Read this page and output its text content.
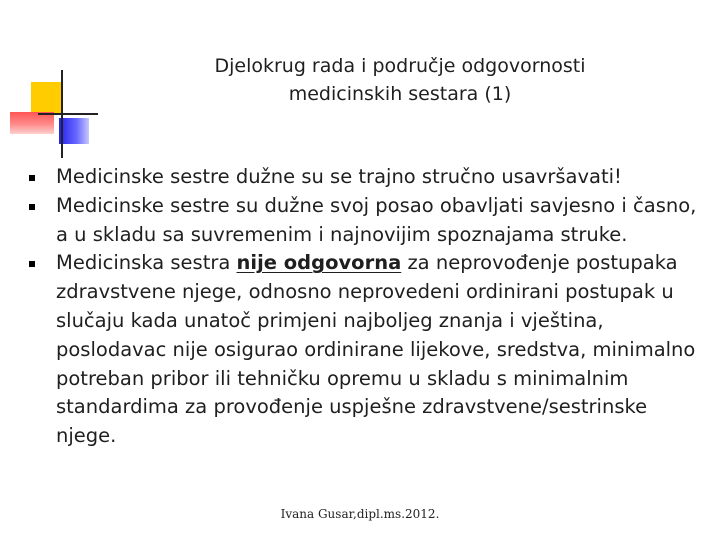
Djelokrug rada i područje odgovornosti
medicinskih sestara (1)
Medicinske sestre dužne su se trajno stručno usavršavati!
Medicinske sestre su dužne svoj posao obavljati savjesno i časno, a u skladu sa suvremenim i najnovijim spoznajama struke.
Medicinska sestra nije odgovorna za neprovođenje postupaka zdravstvene njege, odnosno neprovedeni ordinirani postupak u slučaju kada unatoč primjeni najboljeg znanja i vještina, poslodavac nije osigurao ordinirane lijekove, sredstva, minimalno potreban pribor ili tehničku opremu u skladu s minimalnim standardima za provođenje uspješne zdravstvene/sestrinske njege.
Ivana Gusar,dipl.ms.2012.
